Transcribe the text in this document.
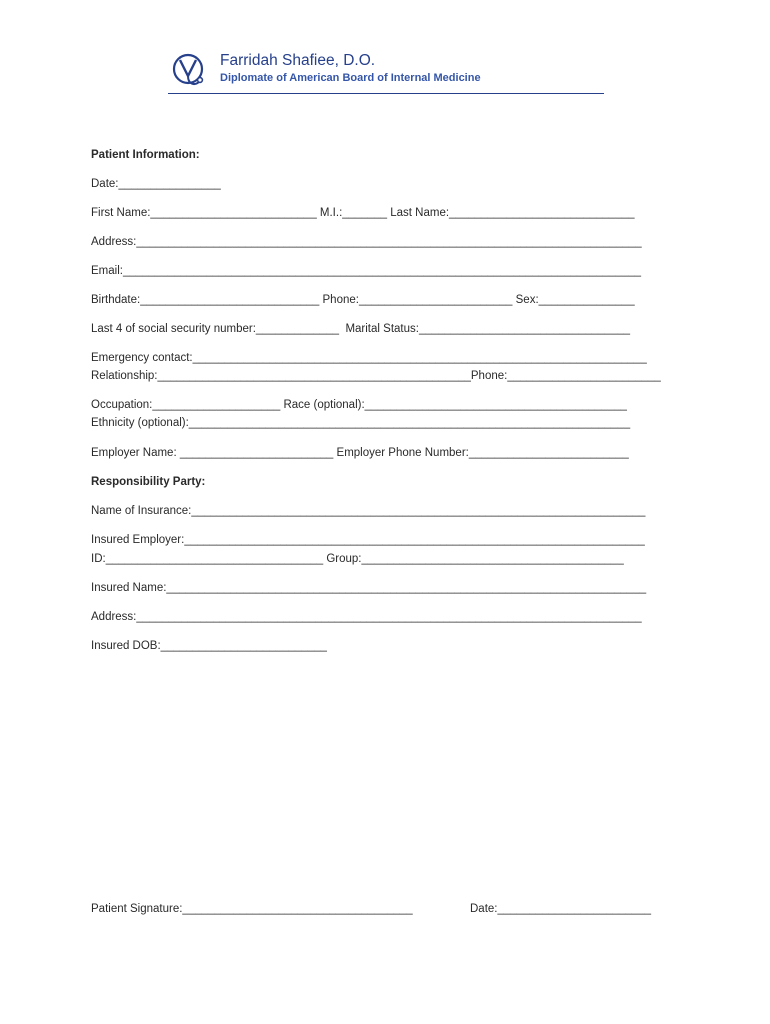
Farridah Shafiee, D.O.
Diplomate of American Board of Internal Medicine
Patient Information:
Date:________________
First Name:__________________________ M.I.:_______ Last Name:_____________________________
Address:_______________________________________________________________________________
Email:_________________________________________________________________________________
Birthdate:____________________________ Phone:________________________ Sex:_______________
Last 4 of social security number:_____________  Marital Status:_________________________________
Emergency contact:_______________________________________________________________________
Relationship:_________________________________________________Phone:________________________
Occupation:____________________ Race (optional):_________________________________________
Ethnicity (optional):_____________________________________________________________________
Employer Name: ________________________ Employer Phone Number:_________________________
Responsibility Party:
Name of Insurance:_______________________________________________________________________
Insured Employer:________________________________________________________________________
ID:__________________________________ Group:_________________________________________
Insured Name:___________________________________________________________________________
Address:_______________________________________________________________________________
Insured DOB:__________________________
Patient Signature:____________________________________	Date:________________________
